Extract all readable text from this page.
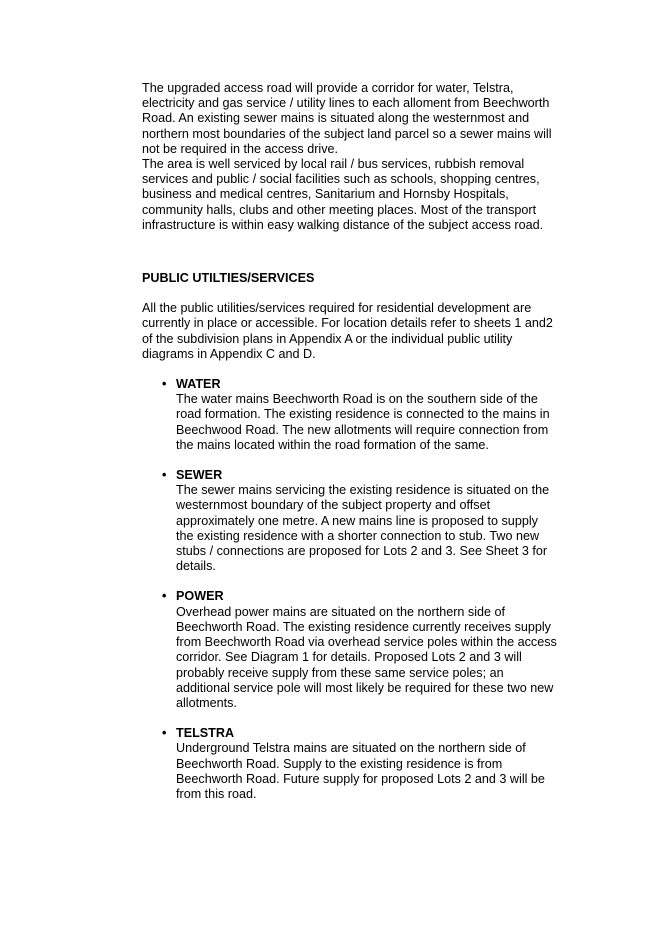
The upgraded access road will provide a corridor for water, Telstra,
electricity and gas service / utility lines to each alloment from Beechworth
Road. An existing sewer mains is situated along the westernmost and
northern most boundaries of the subject land parcel so a sewer mains will
not be required in the access drive.

The area is well serviced by local rail / bus services, rubbish removal
services and public / social facilities such as schools, shopping centres,
business and medical centres, Sanitarium and Hornsby Hospitals,
community halls, clubs and other meeting places. Most of the transport
infrastructure is within easy walking distance of the subject access road.

PUBLIC UTILTIES/SERVICES

All the public utilities/services required for residential development are
currently in place or accessible. For location details refer to sheets 1 and2
of the subdivision plans in Appendix A or the individual public utility
diagrams in Appendix C and D.

• WATER
The water mains Beechworth Road is on the southern side of the
road formation. The existing residence is connected to the mains in
Beechwood Road. The new allotments will require connection from
the mains located within the road formation of the same.
• SEWER
The sewer mains servicing the existing residence is situated on the
westernmost boundary of the subject property and offset
approximately one metre. A new mains line is proposed to supply
the existing residence with a shorter connection to stub. Two new
stubs / connections are proposed for Lots 2 and 3. See Sheet 3 for
details.
• POWER
Overhead power mains are situated on the northern side of
Beechworth Road. The existing residence currently receives supply
from Beechworth Road via overhead service poles within the access
corridor. See Diagram 1 for details. Proposed Lots 2 and 3 will
probably receive supply from these same service poles; an
additional service pole will most likely be required for these two new
allotments.
• TELSTRA
Underground Telstra mains are situated on the northern side of
Beechworth Road. Supply to the existing residence is from
Beechworth Road. Future supply for proposed Lots 2 and 3 will be
from this road.
